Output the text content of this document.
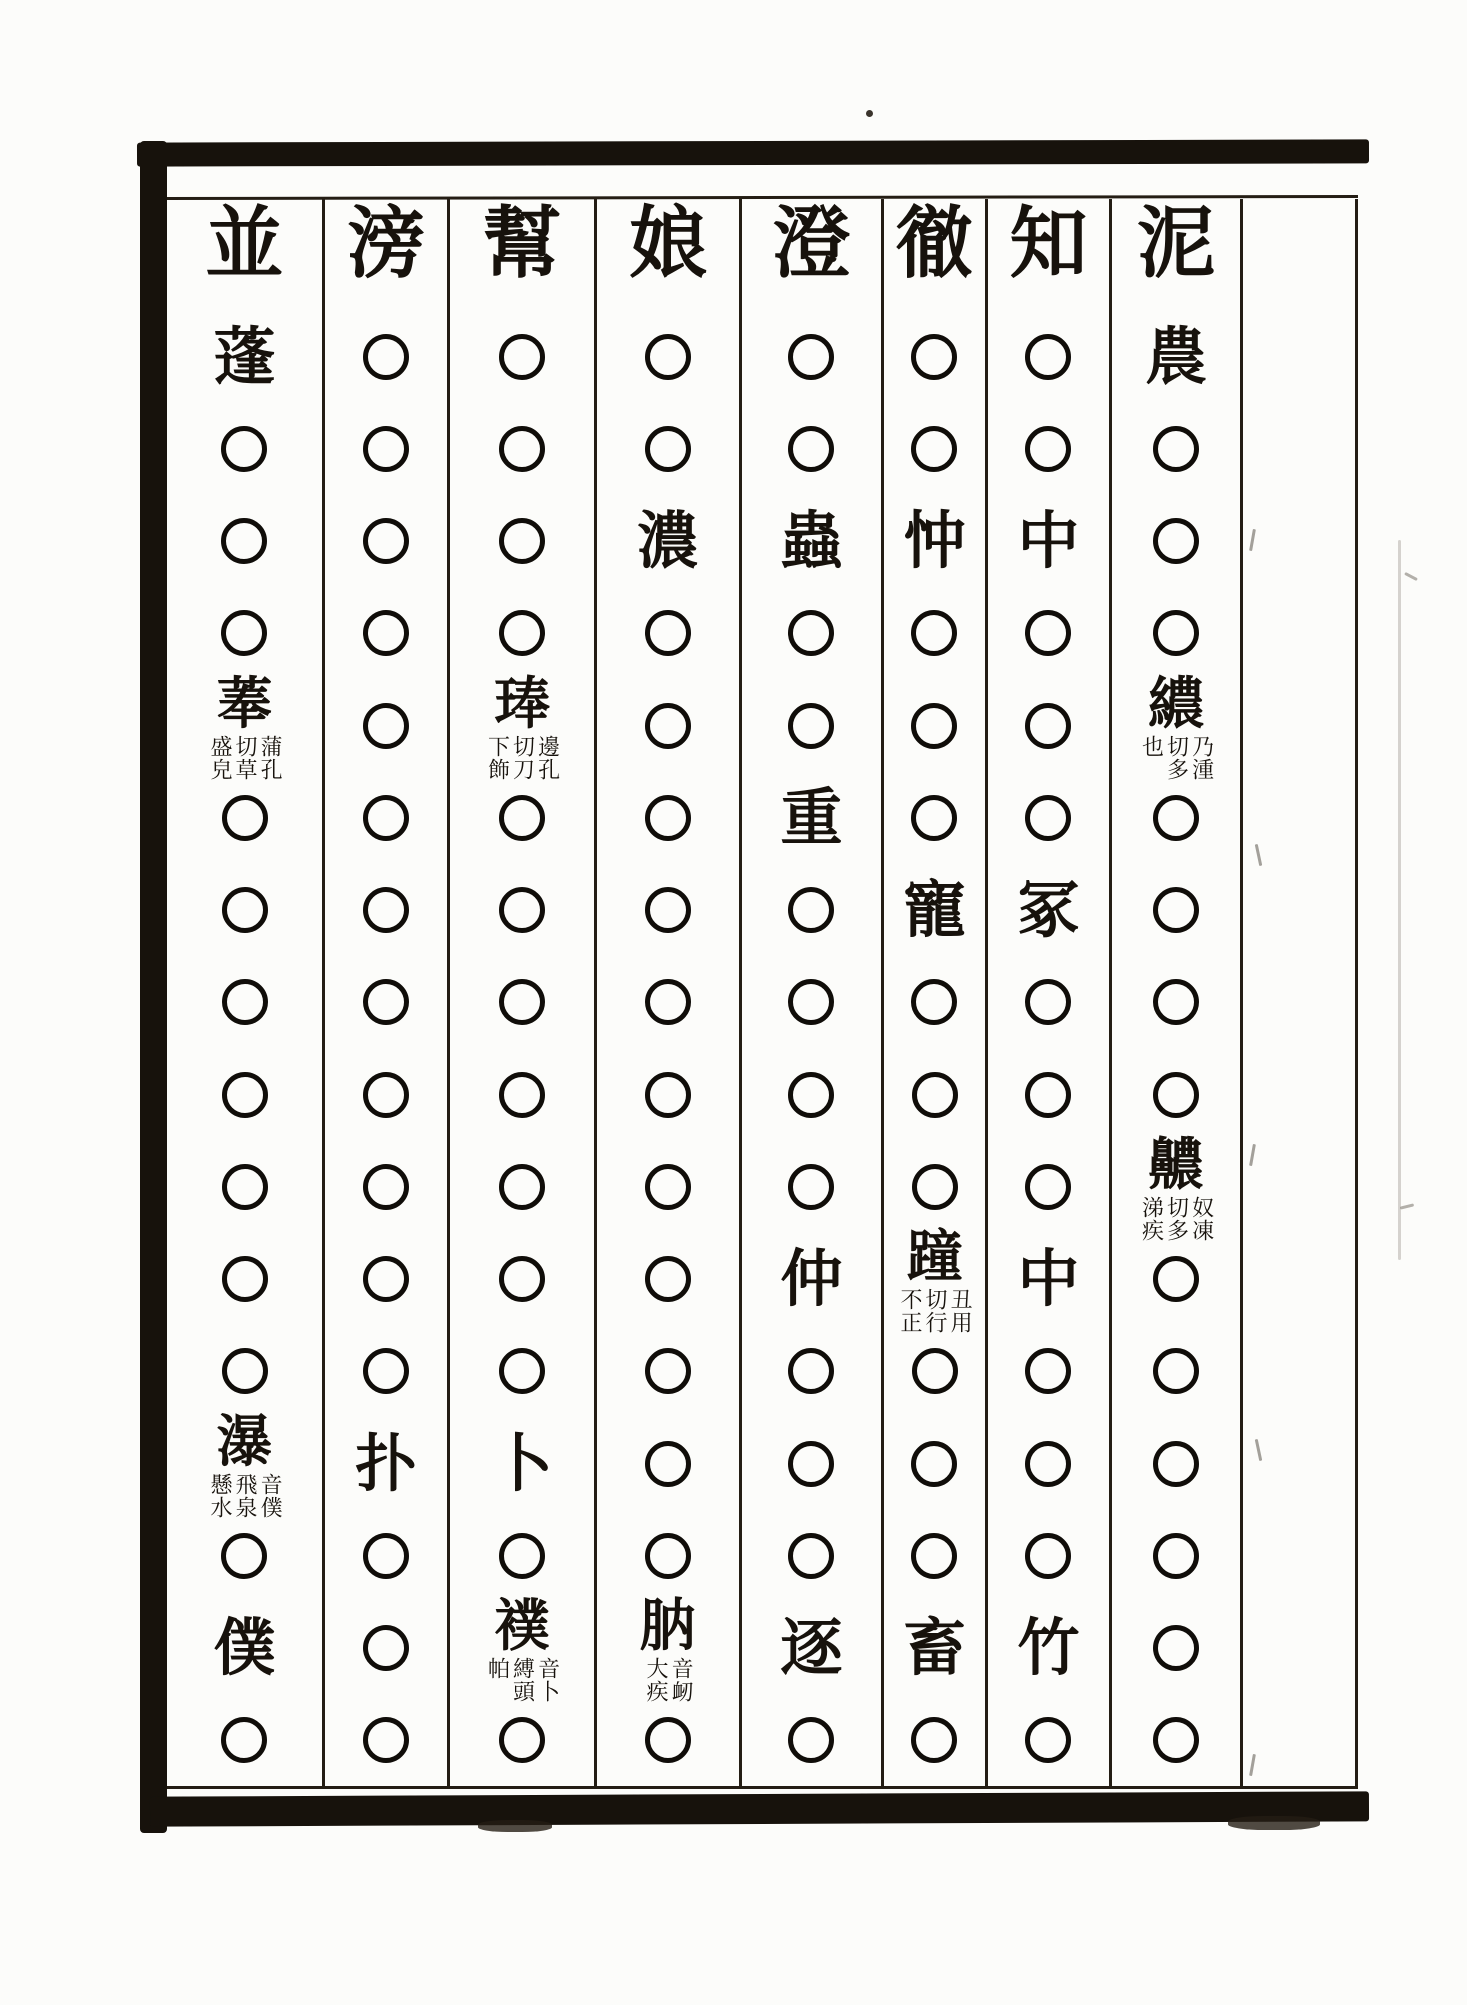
並
蓬
菶
蒲孔
切草
盛皃
瀑
音僕
飛泉
懸水
僕
滂
扑
幫
琫
邊孔
切刀
下飾
卜
襆
音卜
縛頭
帕
娘
濃
肭
音衂
大疾
澄
蟲
重
仲
逐
徹
忡
寵
蹱
丑用
切行
不正
畜
知
中
冢
中
竹
泥
農
繷
乃湩
切多
也
齈
奴凍
切多
涕疾
